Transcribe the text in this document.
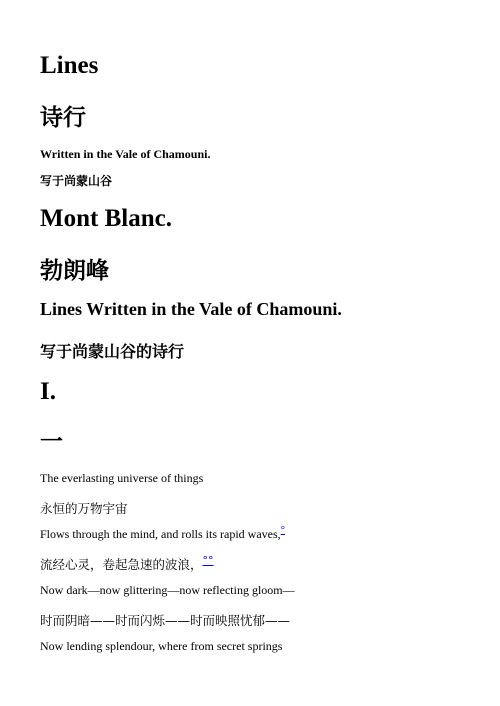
Lines
诗行
Written in the Vale of Chamouni.
写于尚蒙山谷
Mont Blanc.
勃朗峰
Lines Written in the Vale of Chamouni.
写于尚蒙山谷的诗行
I.
一

The everlasting universe of things

永恒的万物宇宙

Flows through the mind, and rolls its rapid waves,°

流经心灵，卷起急速的波浪，°°

Now dark—now glittering—now reflecting gloom—

时而阴暗——时而闪烁——时而映照忧郁——

Now lending splendour, where from secret springs
